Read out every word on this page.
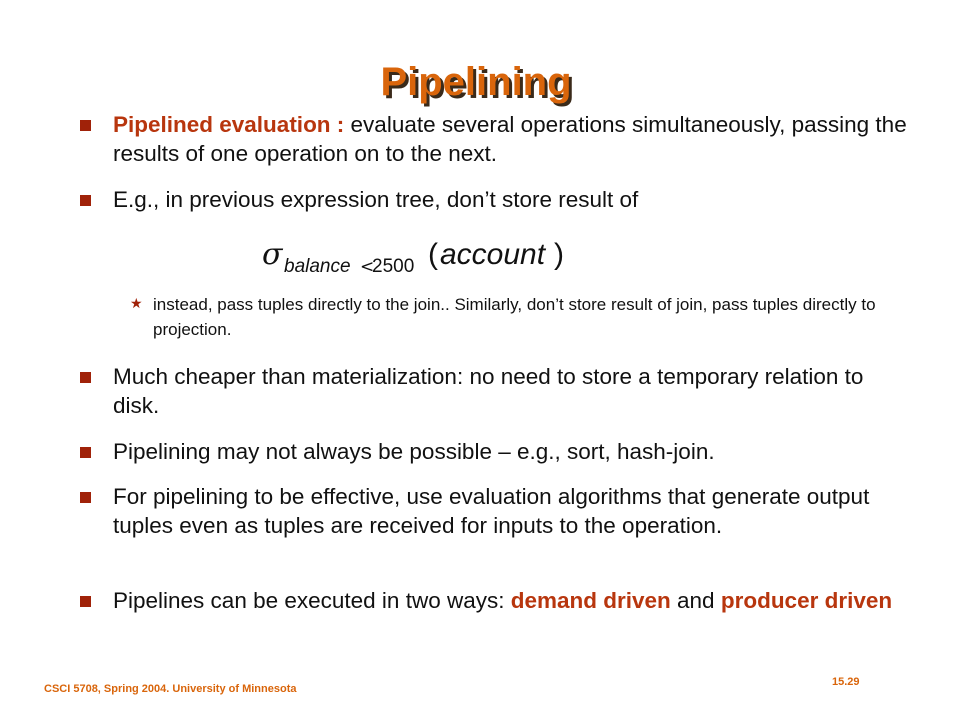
Pipelining
Pipelined evaluation : evaluate several operations simultaneously, passing the results of one operation on to the next.
E.g., in previous expression tree, don’t store result of
σ balance <
2500 ( account )
★ instead, pass tuples directly to the join.. Similarly, don’t store result of join, pass tuples directly to projection.
Much cheaper than materialization: no need to store a temporary relation to disk.
Pipelining may not always be possible – e.g., sort, hash-join.
For pipelining to be effective, use evaluation algorithms that generate output tuples even as tuples are received for inputs to the operation.
Pipelines can be executed in two ways: demand driven and producer driven
CSCI 5708, Spring 2004. University of Minnesota
15.29
